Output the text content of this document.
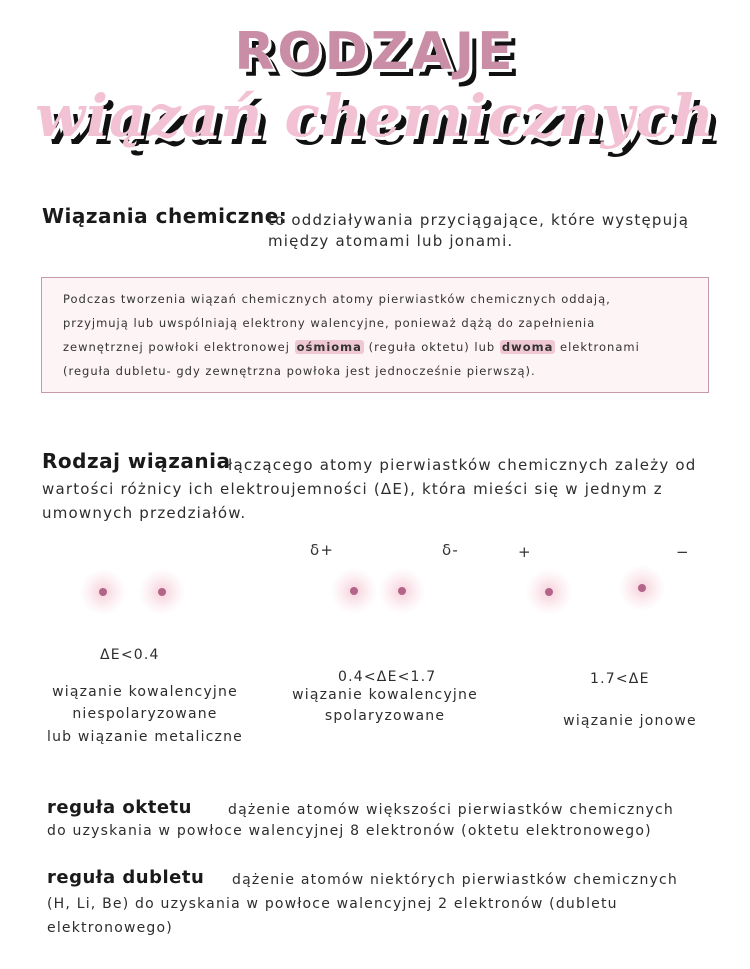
RODZAJE
wiązań chemicznych
Wiązania chemiczne:
to oddziaływania przyciągające, które występują
między atomami lub jonami.
Podczas tworzenia wiązań chemicznych atomy pierwiastków chemicznych oddają,
przyjmują lub uwspólniają elektrony walencyjne, ponieważ dążą do zapełnienia
zewnętrznej powłoki elektronowej ośmioma (reguła oktetu) lub dwoma elektronami
(reguła dubletu- gdy zewnętrzna powłoka jest jednocześnie pierwszą).
Rodzaj wiązania
łączącego atomy pierwiastków chemicznych zależy od
wartości różnicy ich elektroujemności (ΔE), która mieści się w jednym z
umownych przedziałów.
δ+	δ-	+	−
ΔE<0.4
wiązanie kowalencyjne
niespolaryzowane
lub wiązanie metaliczne
0.4<ΔE<1.7
wiązanie kowalencyjne
spolaryzowane
1.7<ΔE
wiązanie jonowe
reguła oktetu	dążenie atomów większości pierwiastków chemicznych
do uzyskania w powłoce walencyjnej 8 elektronów (oktetu elektronowego)
reguła dubletu dążenie atomów niektórych pierwiastków chemicznych
(H, Li, Be) do uzyskania w powłoce walencyjnej 2 elektronów (dubletu
elektronowego)
